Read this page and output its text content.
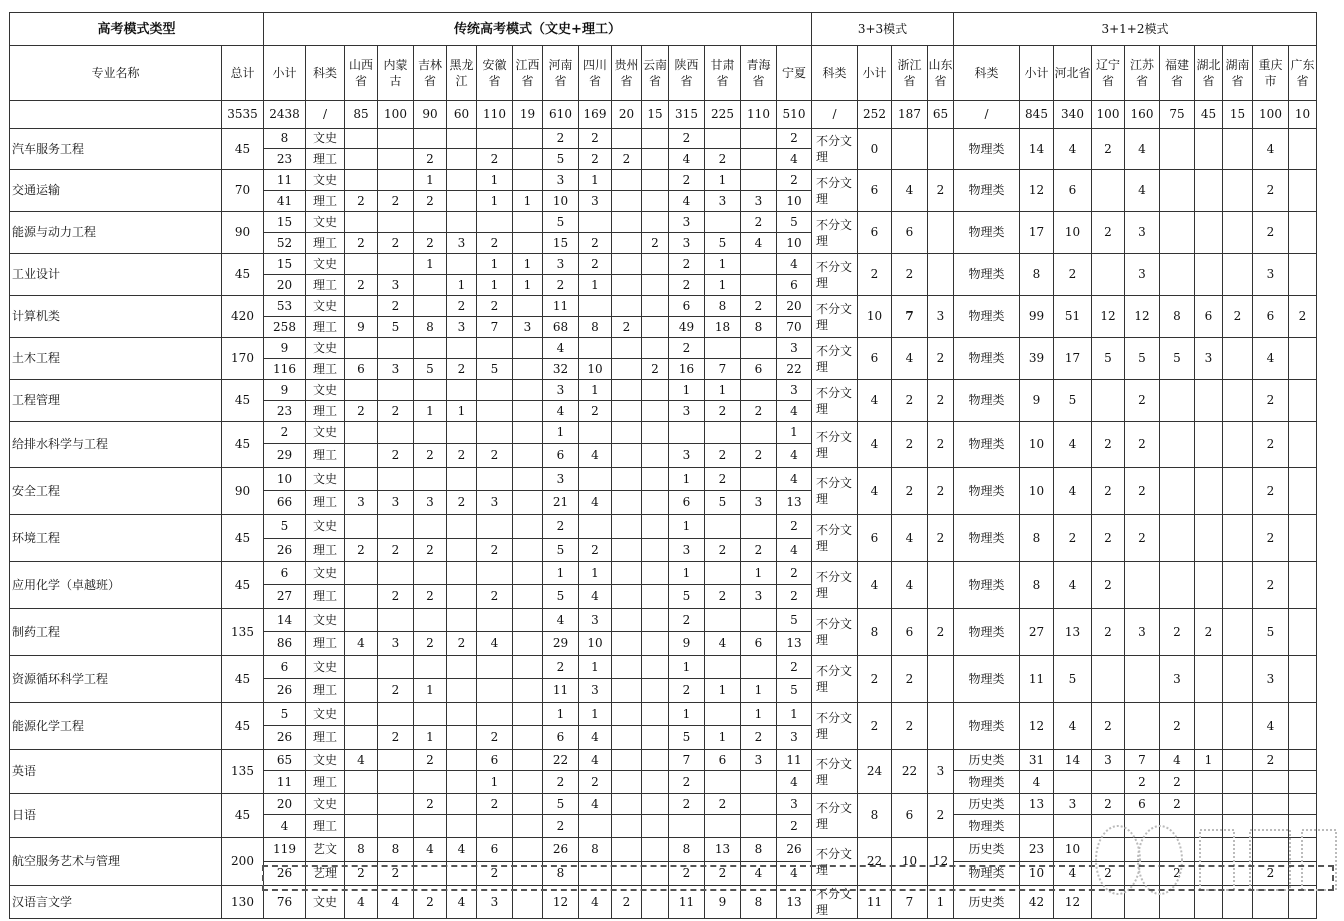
高考模式类型		传统高考模式（文史+理工）																3+3模式				3+1+2模式									
专业名称	总计	小计	科类	山西省	内蒙古	吉林省	黑龙江	安徽省	江西省	河南省	四川省	贵州省	云南省	陕西省	甘肃省	青海省	宁夏	科类	小计	浙江省	山东省	科类	小计	河北省	辽宁省	江苏省	福建省	湖北省	湖南省	重庆市	广东省
	3535	2438	/	85	100	90	60	110	19	610	169	20	15	315	225	110	510	/	252	187	65	/	845	340	100	160	75	45	15	100	10
汽车服务工程	45	8	文史							2	2			2			2	不分文理	0			物理类	14	4	2	4				4	
		23	理工			2		2		5	2	2		4	2		4														
交通运输	70	11	文史			1		1		3	1			2	1		2	不分文理	6	4	2	物理类	12	6		4				2	
		41	理工	2	2	2		1	1	10	3			4	3	3	10														
能源与动力工程	90	15	文史							5				3		2	5	不分文理	6	6		物理类	17	10	2	3				2	
		52	理工	2	2	2	3	2		15	2		2	3	5	4	10														
工业设计	45	15	文史			1		1	1	3	2			2	1		4	不分文理	2	2		物理类	8	2		3				3	
		20	理工	2	3		1	1	1	2	1			2	1		6														
计算机类	420	53	文史		2		2	2		11				6	8	2	20	不分文理	10	7	3	物理类	99	51	12	12	8	6	2	6	2
		258	理工	9	5	8	3	7	3	68	8	2		49	18	8	70														
土木工程	170	9	文史							4				2			3	不分文理	6	4	2	物理类	39	17	5	5	5	3		4	
		116	理工	6	3	5	2	5		32	10		2	16	7	6	22														
工程管理	45	9	文史							3	1			1	1		3	不分文理	4	2	2	物理类	9	5		2				2	
		23	理工	2	2	1	1			4	2			3	2	2	4														
给排水科学与工程	45	2	文史							1							1	不分文理	4	2	2	物理类	10	4	2	2				2	
		29	理工		2	2	2	2		6	4			3	2	2	4														
安全工程	90	10	文史							3				1	2		4	不分文理	4	2	2	物理类	10	4	2	2				2	
		66	理工	3	3	3	2	3		21	4			6	5	3	13														
环境工程	45	5	文史							2				1			2	不分文理	6	4	2	物理类	8	2	2	2				2	
		26	理工	2	2	2		2		5	2			3	2	2	4														
应用化学（卓越班）	45	6	文史							1	1			1		1	2	不分文理	4	4		物理类	8	4	2					2	
		27	理工		2	2		2		5	4			5	2	3	2														
制药工程	135	14	文史							4	3			2			5	不分文理	8	6	2	物理类	27	13	2	3	2	2		5	
		86	理工	4	3	2	2	4		29	10			9	4	6	13														
资源循环科学工程	45	6	文史							2	1			1			2	不分文理	2	2		物理类	11	5			3			3	
		26	理工		2	1				11	3			2	1	1	5														
能源化学工程	45	5	文史							1	1			1		1	1	不分文理	2	2		物理类	12	4	2		2			4	
		26	理工		2	1		2		6	4			5	1	2	3														
英语	135	65	文史	4		2		6		22	4			7	6	3	11	不分文理	24	22	3	历史类	31	14	3	7	4	1		2	
		11	理工					1		2	2			2			4					物理类	4			2	2				
日语	45	20	文史			2		2		5	4			2	2		3	不分文理	8	6	2	历史类	13	3	2	6	2				
		4	理工							2							2					物理类									
航空服务艺术与管理	200	119	艺文	8	8	4	4	6		26	8			8	13	8	26	不分文理	22	10	12	历史类	23	10							
		26	艺理	2	2			2		8				2	2	4	4					物理类	10	4	2		2			2	
汉语言文学	130	76	文史	4	4	2	4	3		12	4	2		11	9	8	13	不分文理	11	7	1	历史类	42	12							
